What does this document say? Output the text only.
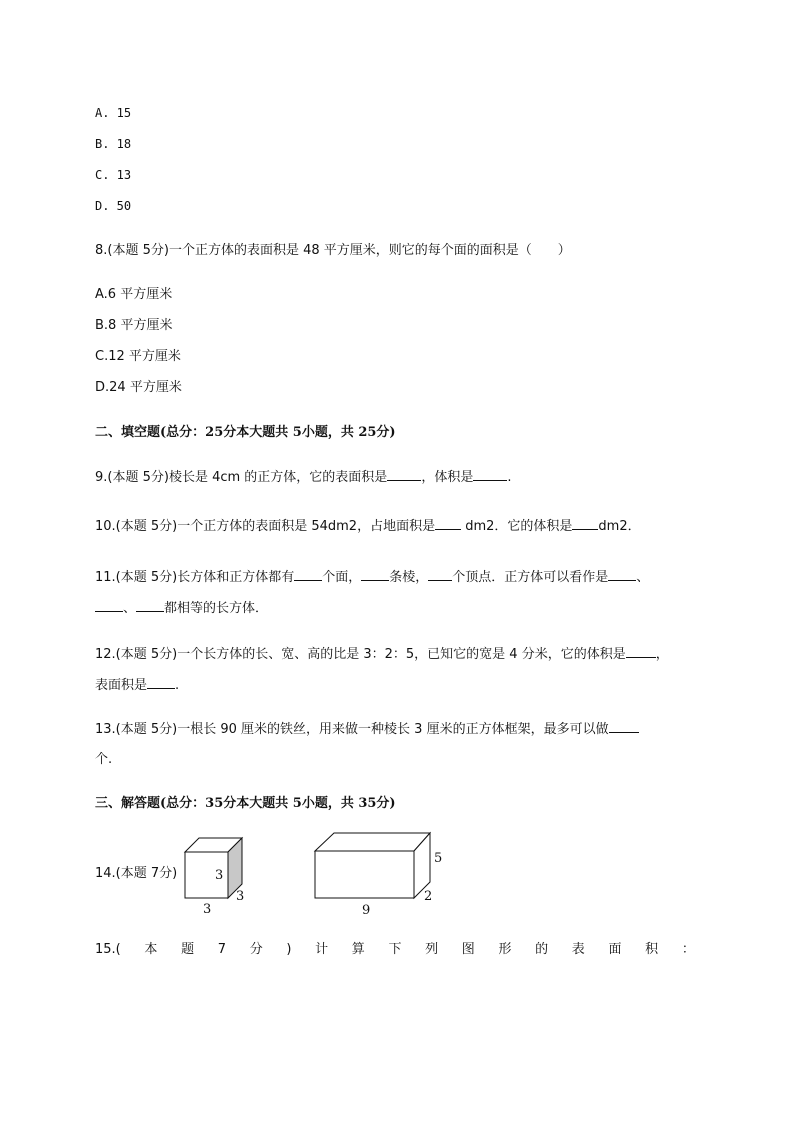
A. 15
B. 18
C. 13
D. 50
8.(本题 5分)一个正方体的表面积是 48 平方厘米，则它的每个面的面积是（　　）
A.6 平方厘米
B.8 平方厘米
C.12 平方厘米
D.24 平方厘米
二、填空题(总分：25分本大题共 5小题，共 25分)
9.(本题 5分)棱长是 4cm 的正方体，它的表面积是	，体积是	.
10.(本题 5分)一个正方体的表面积是 54dm2，占地面积是 dm2．它的体积是 dm2．
11.(本题 5分)长方体和正方体都有 个面， 条棱， 个顶点．正方体可以看作是 、
、 都相等的长方体．
12.(本题 5分)一个长方体的长、宽、高的比是 3：2：5，已知它的宽是 4 分米，它的体积是 ，
表面积是 .
13.(本题 5分)一根长 90 厘米的铁丝，用来做一种棱长 3 厘米的正方体框架，最多可以做
个.
三、解答题(总分：35分本大题共 5小题，共 35分)
14.(本题 7分)	3
3
3
5
2
9
15.( 本 题 7 分 ) 计 算 下 列 图 形 的 表 面 积 ：
